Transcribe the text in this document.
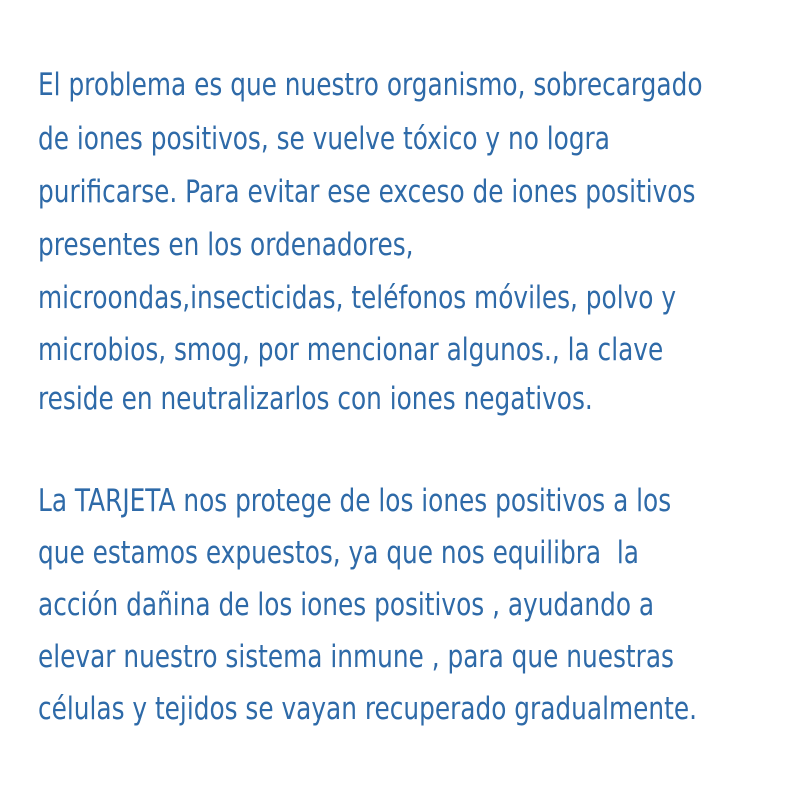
El problema es que nuestro organismo, sobrecargado

de iones positivos, se vuelve tóxico y no logra

purificarse. Para evitar ese exceso de iones positivos

presentes en los ordenadores,

microondas,insecticidas, teléfonos móviles, polvo y

microbios, smog, por mencionar algunos., la clave

reside en neutralizarlos con iones negativos.

La TARJETA nos protege de los iones positivos a los

que estamos expuestos, ya que nos equilibra  la

acción dañina de los iones positivos , ayudando a

elevar nuestro sistema inmune , para que nuestras

células y tejidos se vayan recuperado gradualmente.
